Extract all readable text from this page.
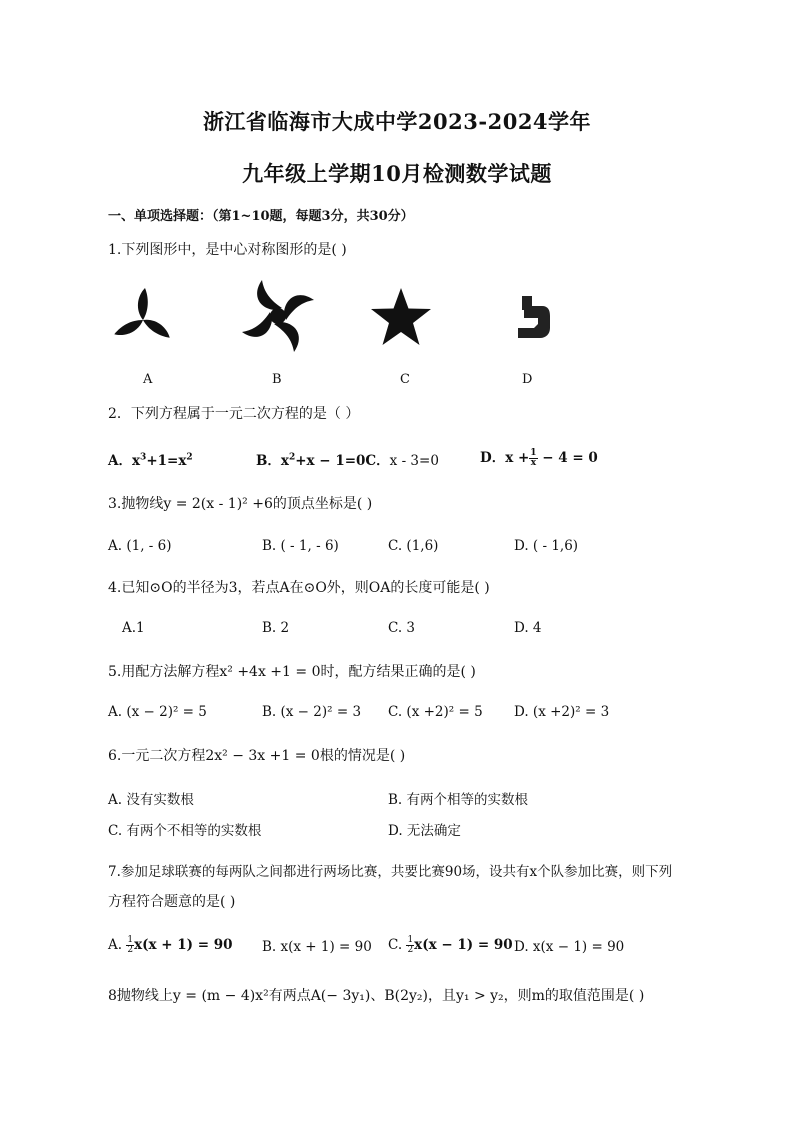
浙江省临海市大成中学2023-2024学年
九年级上学期10月检测数学试题
一、单项选择题：（第1~10题，每题3分，共30分）
1.下列图形中，是中心对称图形的是( )
A	B	C	D
2．下列方程属于一元二次方程的是（ ）
A．$x^3+1=x^2$	B．$x^2+x - 1=0C$．x - 3=0	D．$x + \frac{1}{x} - 4 = 0$
3.抛物线y = 2(x - 1)² +6的顶点坐标是( )
A. (1, - 6)	B. ( - 1, - 6)	C. (1,6)	D. ( - 1,6)
4.已知⊙O的半径为3，若点A在⊙O外，则OA的长度可能是( )
A.1	B. 2	C. 3	D. 4
5.用配方法解方程x² +4x +1 = 0时，配方结果正确的是( )
A. (x − 2)² = 5	B. (x − 2)² = 3 C. (x +2)² = 5 D. (x +2)² = 3
6.一元二次方程2x² − 3x +1 = 0根的情况是( )
A. 没有实数根	B. 有两个相等的实数根
C. 有两个不相等的实数根	D. 无法确定
7.参加足球联赛的每两队之间都进行两场比赛，共要比赛90场，设共有x个队参加比赛，则下列
方程符合题意的是( )
A. $\frac{1}{2} x(x + 1) = 90$ B. x(x + 1) = 90 C. $\frac{1}{2} x(x - 1) = 90$ D. x(x − 1) = 90
8抛物线上y = (m − 4)x²有两点A(− 3y₁)、B(2y₂)，且y₁ > y₂，则m的取值范围是( )
